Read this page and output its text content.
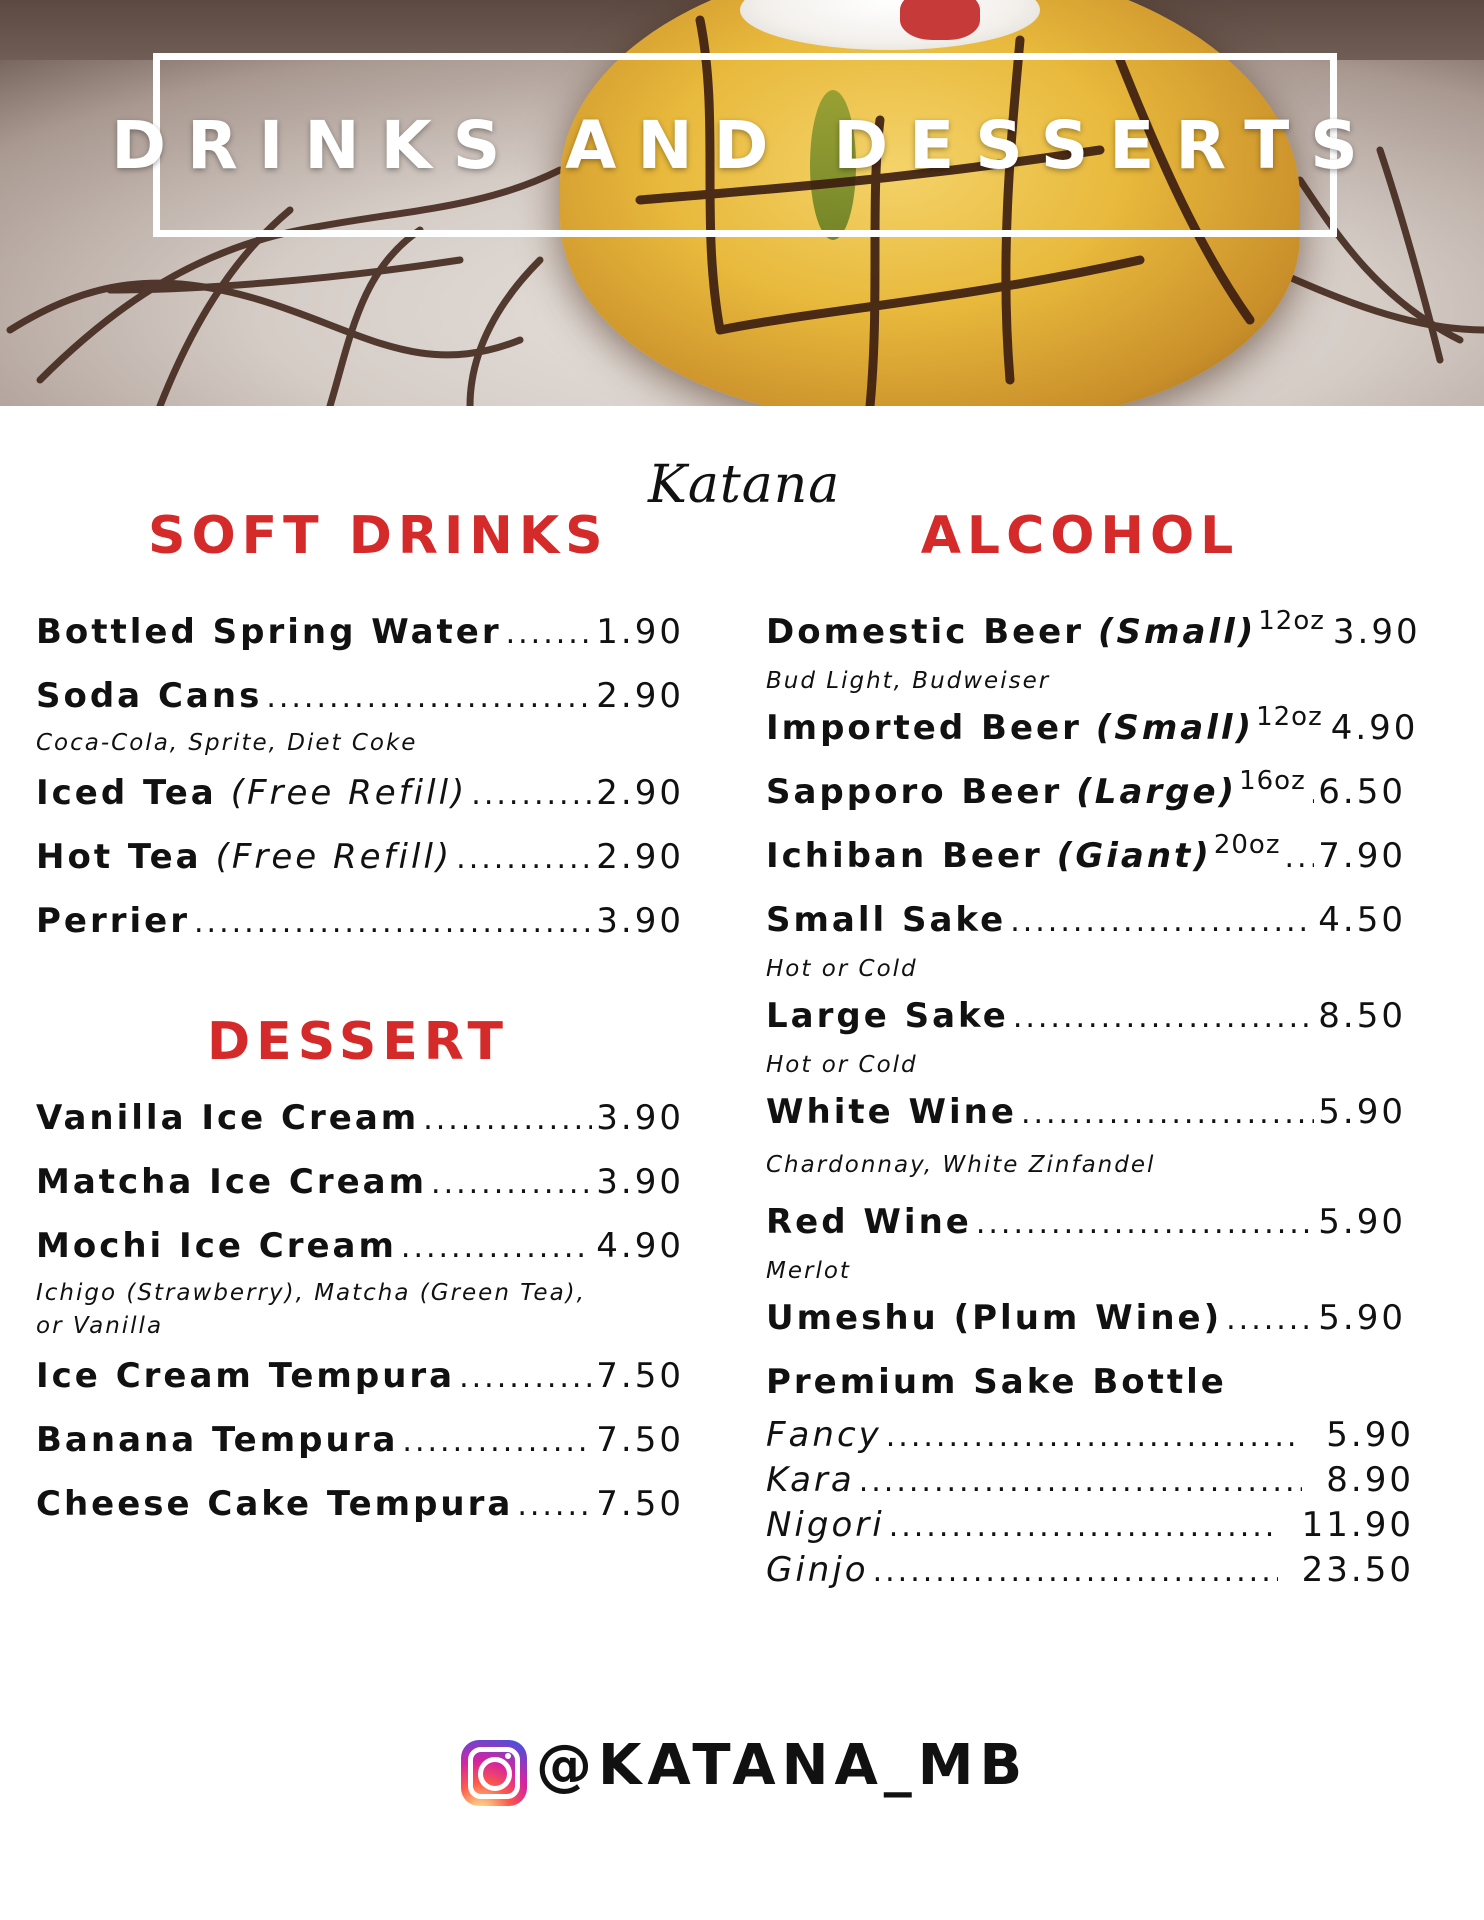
DRINKS AND DESSERTS
Katana
SOFT DRINKS
Bottled Spring Water .....	1.90
Soda Cans .....	2.90
Coca-Cola, Sprite, Diet Coke
Iced Tea (Free Refill) .....	2.90
Hot Tea (Free Refill) .....	2.90
Perrier .....	3.90
DESSERT
Vanilla Ice Cream .....	3.90
Matcha Ice Cream .....	3.90
Mochi Ice Cream .....	4.90
Ichigo (Strawberry), Matcha (Green Tea),
or Vanilla
Ice Cream Tempura .....	7.50
Banana Tempura .....	7.50
Cheese Cake Tempura ..... 7.50
ALCOHOL
Domestic Beer (Small) 12oz 3.90
Bud Light, Budweiser
Imported Beer (Small) 12oz 4.90
Sapporo Beer (Large) 16oz ..... 6.50
Ichiban Beer (Giant) 20oz ..... 7.90
Small Sake .....	4.50
Hot or Cold
Large Sake .....	8.50
Hot or Cold
White Wine .....	5.90
Chardonnay, White Zinfandel
Red Wine .....	5.90
Merlot
Umeshu (Plum Wine) .....	5.90
Premium Sake Bottle
Fancy .....	5.90
Kara .....	8.90
Nigori .....	11.90
Ginjo .....	23.50
@KATANA_MB
